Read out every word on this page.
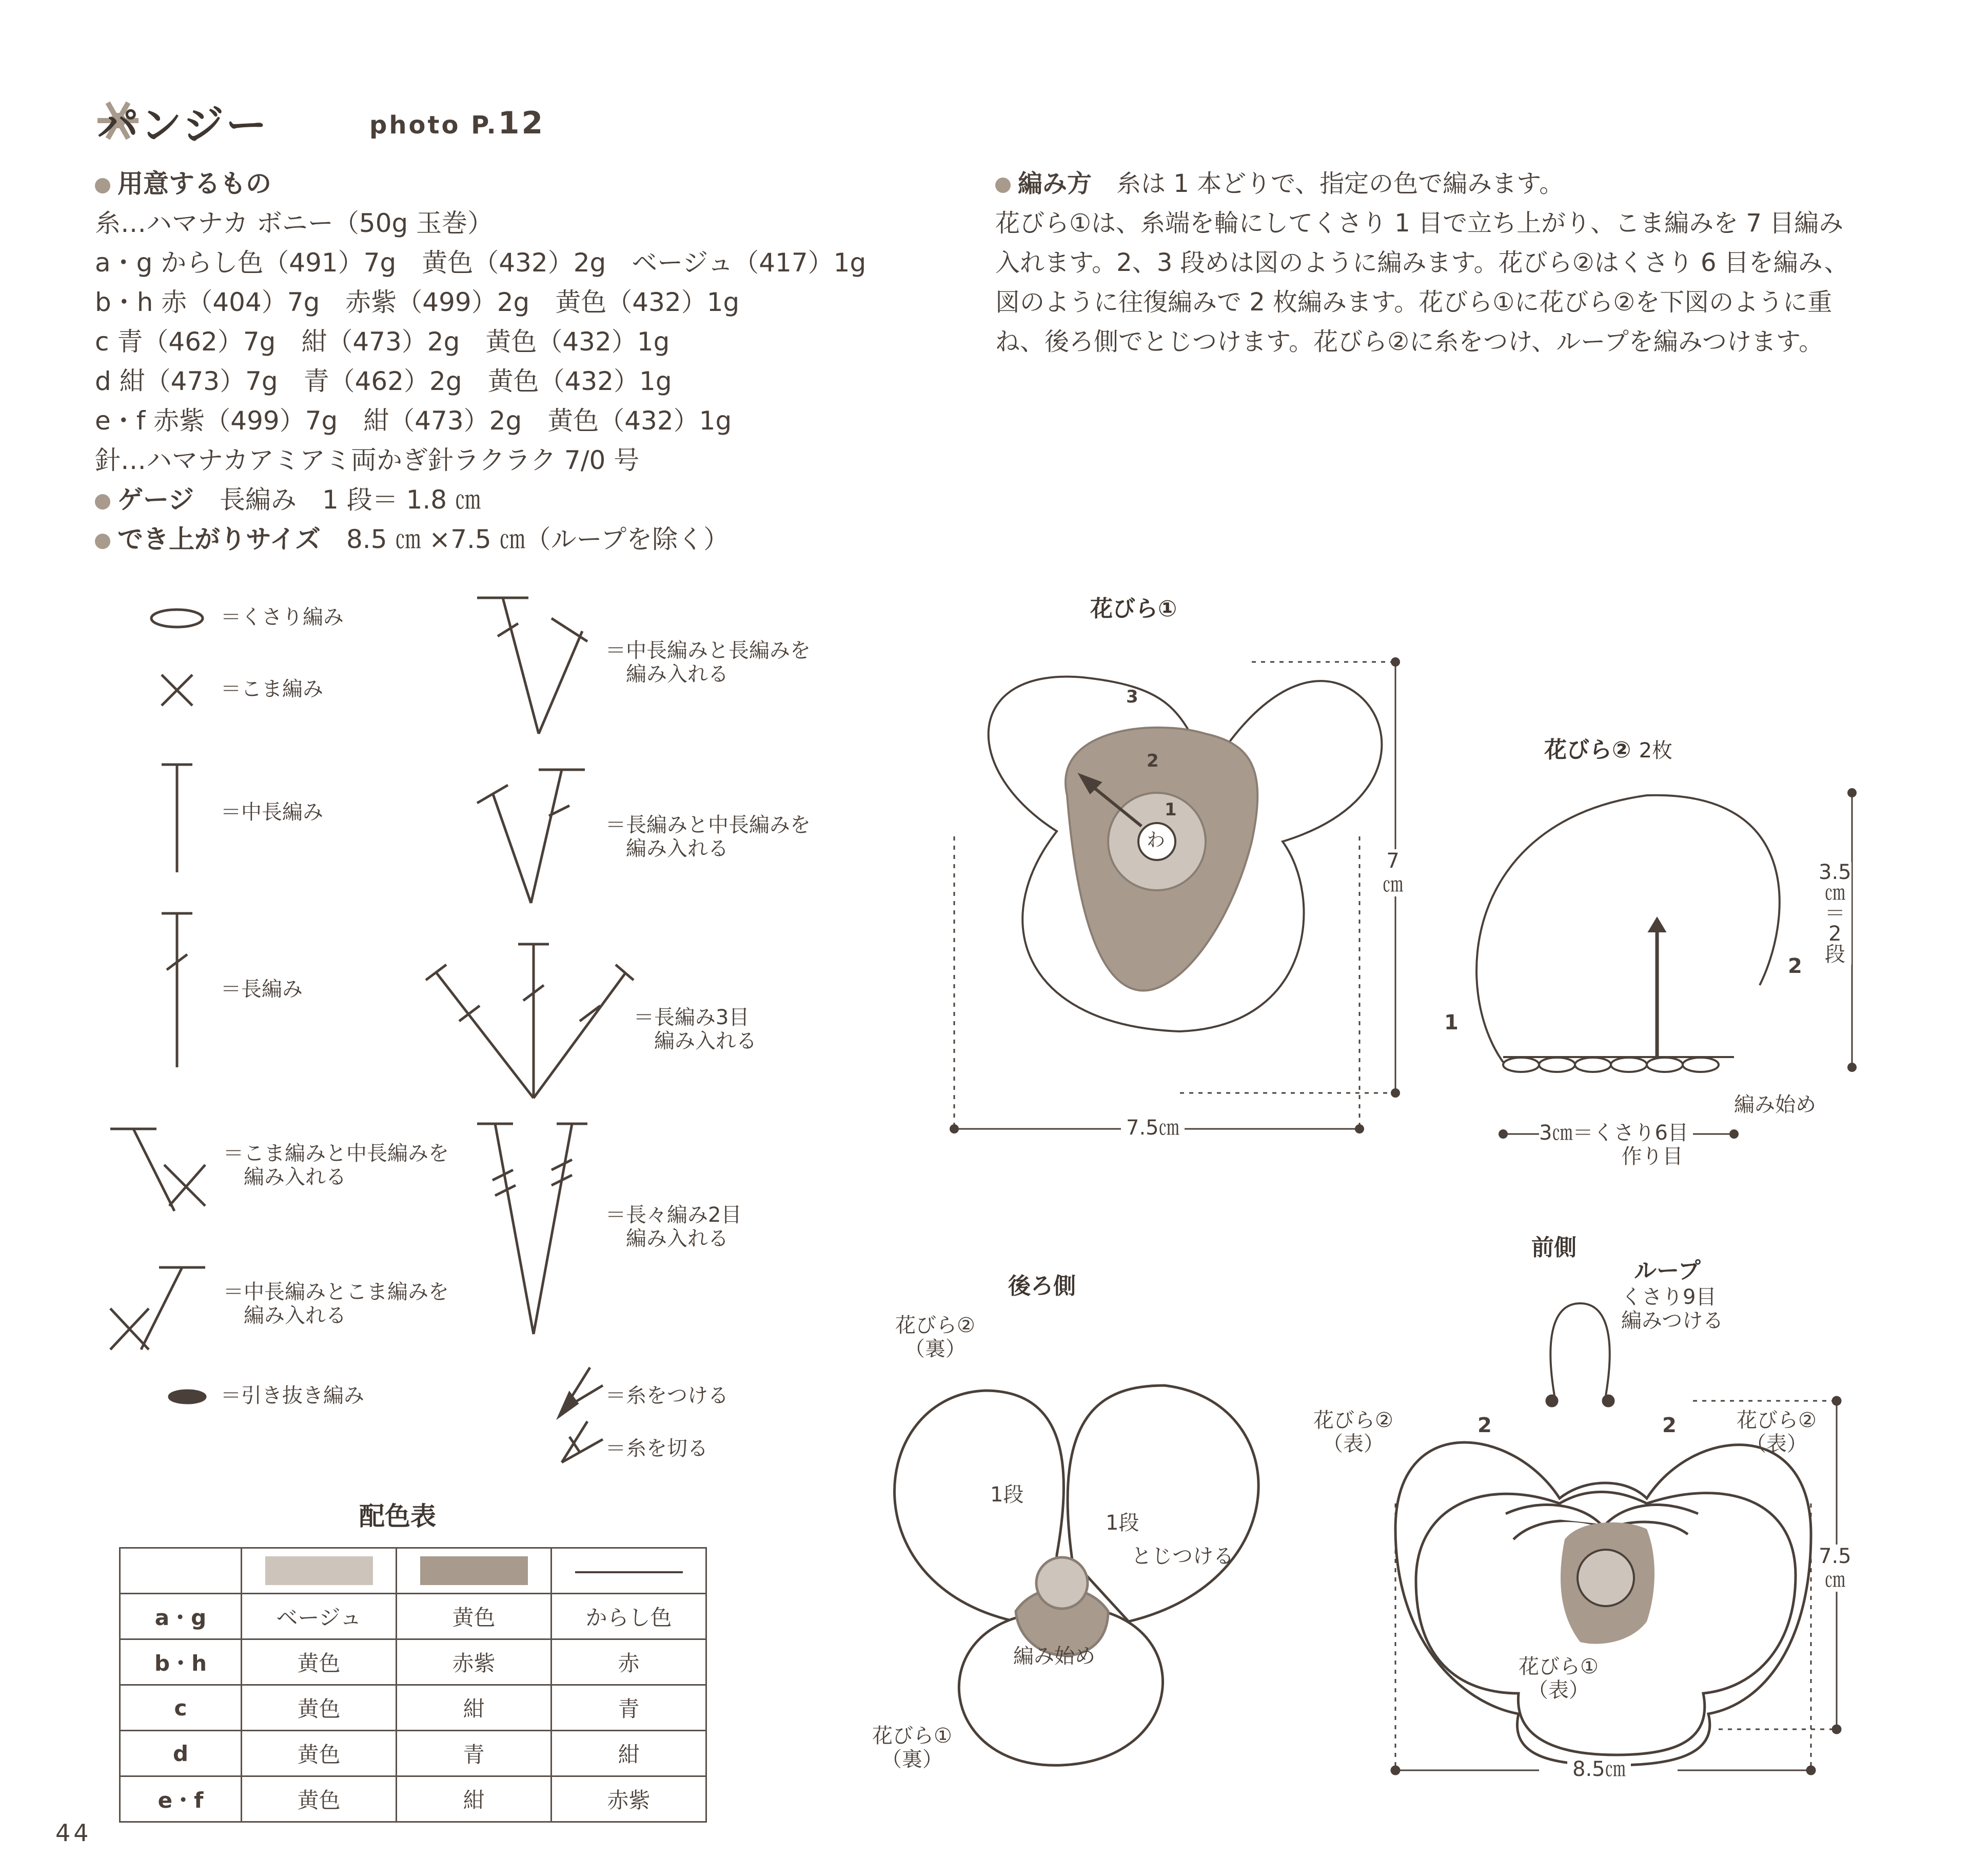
パンジー	photo P.12
用意するもの
糸…ハマナカ ボニー（50g 玉巻）
a・g からし色（491）7g　黄色（432）2g　ベージュ（417）1g
b・h 赤（404）7g　赤紫（499）2g　黄色（432）1g
c 青（462）7g　紺（473）2g　黄色（432）1g
d 紺（473）7g　青（462）2g　黄色（432）1g
e・f 赤紫（499）7g　紺（473）2g　黄色（432）1g
針…ハマナカアミアミ両かぎ針ラクラク 7/0 号
ゲージ　 長編み　1 段＝ 1.8 ㎝
でき上がりサイズ　 8.5 ㎝ ×7.5 ㎝（ループを除く）
編み方　 糸は 1 本どりで、指定の色で編みます。
花びら①は、糸端を輪にしてくさり 1 目で立ち上がり、こま編みを 7 目編み入れます。2、3 段めは図のように編みます。花びら②はくさり 6 目を編み、図のように往復編みで 2 枚編みます。花びら①に花びら②を下図のように重ね、後ろ側でとじつけます。花びら②に糸をつけ、ループを編みつけます。
＝くさり編み
＝こま編み
＝中長編み
＝長編み
＝こま編みと中長編みを
　編み入れる
＝中長編みとこま編みを
　編み入れる
＝引き抜き編み
＝中長編みと長編みを
　編み入れる
＝長編みと中長編みを
　編み入れる
＝長編み3目
　編み入れる
＝長々編み2目
　編み入れる
＝糸をつける
＝糸を切る
花びら①
わ
3
2
1
7
㎝
7.5㎝
花びら② 2枚
3.5
㎝
＝
2
段
1
2
3㎝＝くさり6目
作り目
編み始め
後ろ側
花びら②
（裏）
1段
1段
とじつける
編み始め
花びら①
（裏）
前側
ループ
くさり9目
編みつける
花びら②
（表）
花びら②
（表）
2	2
7.5
㎝
花びら①
（表）
8.5㎝
配色表

a・g	ベージュ	黄色	からし色
b・h	黄色	赤紫	赤
c	黄色	紺	青
d	黄色	青	紺
e・f	黄色	紺	赤紫
44
